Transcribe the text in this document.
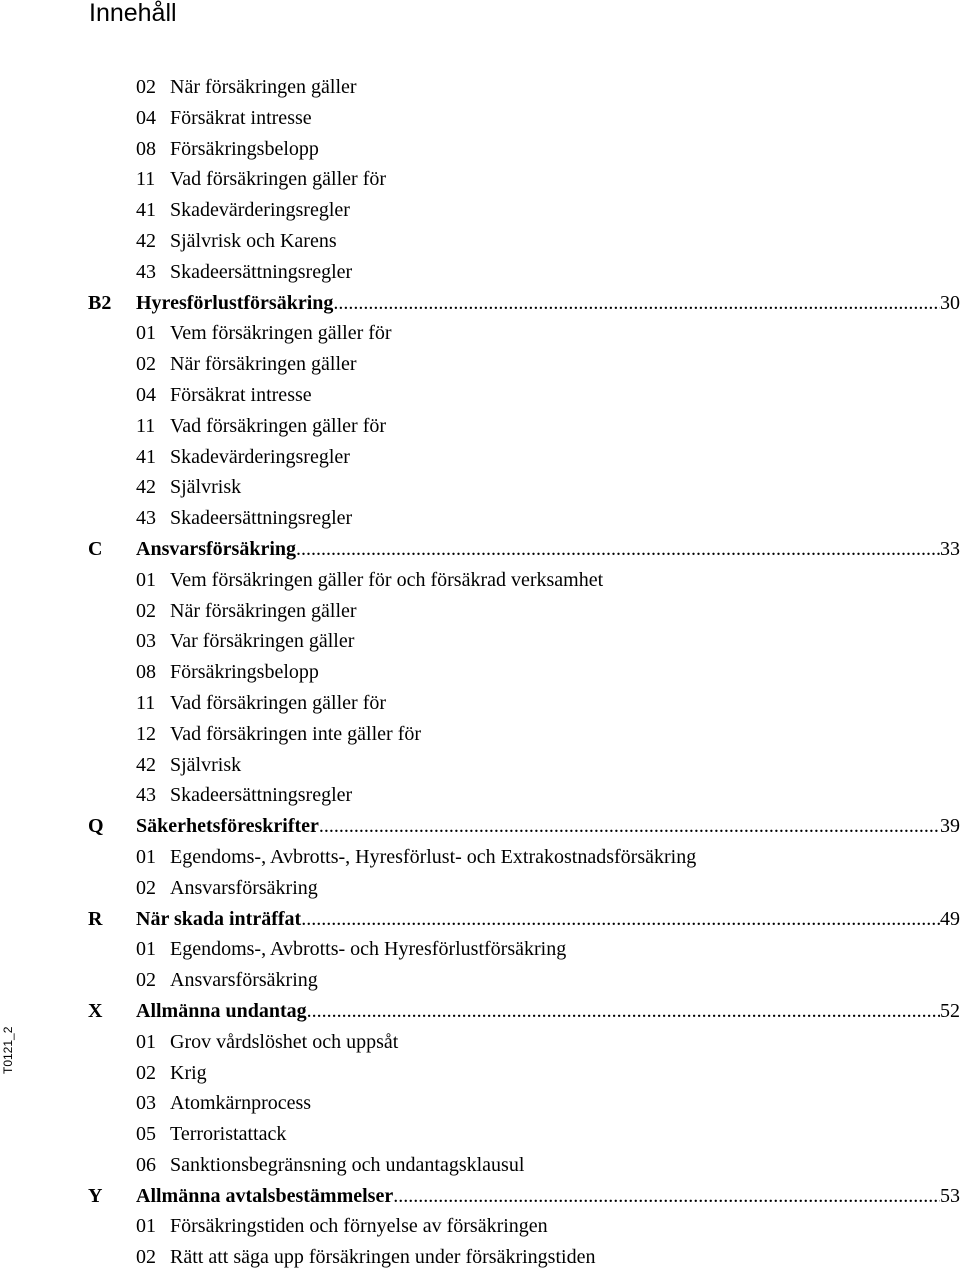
Innehåll
02 När försäkringen gäller
04 Försäkrat intresse
08 Försäkringsbelopp
11 Vad försäkringen gäller för
41 Skadevärderingsregler
42 Självrisk och Karens
43 Skadeersättningsregler
B2 Hyresförlustförsäkring .....	30
01 Vem försäkringen gäller för
02 När försäkringen gäller
04 Försäkrat intresse
11 Vad försäkringen gäller för
41 Skadevärderingsregler
42 Självrisk
43 Skadeersättningsregler
C Ansvarsförsäkring .....	33
01 Vem försäkringen gäller för och försäkrad verksamhet
02 När försäkringen gäller
03 Var försäkringen gäller
08 Försäkringsbelopp
11 Vad försäkringen gäller för
12 Vad försäkringen inte gäller för
42 Självrisk
43 Skadeersättningsregler
Q Säkerhetsföreskrifter .....	39
01 Egendoms-, Avbrotts-, Hyresförlust- och Extrakostnadsförsäkring
02 Ansvarsförsäkring
R När skada inträffat .....	49
01 Egendoms-, Avbrotts- och Hyresförlustförsäkring
02 Ansvarsförsäkring
X Allmänna undantag .....	52
01 Grov vårdslöshet och uppsåt
02 Krig
03 Atomkärnprocess
05 Terroristattack
06 Sanktionsbegränsning och undantagsklausul
Y Allmänna avtalsbestämmelser .....	53
01 Försäkringstiden och förnyelse av försäkringen
02 Rätt att säga upp försäkringen under försäkringstiden
T0121_2
